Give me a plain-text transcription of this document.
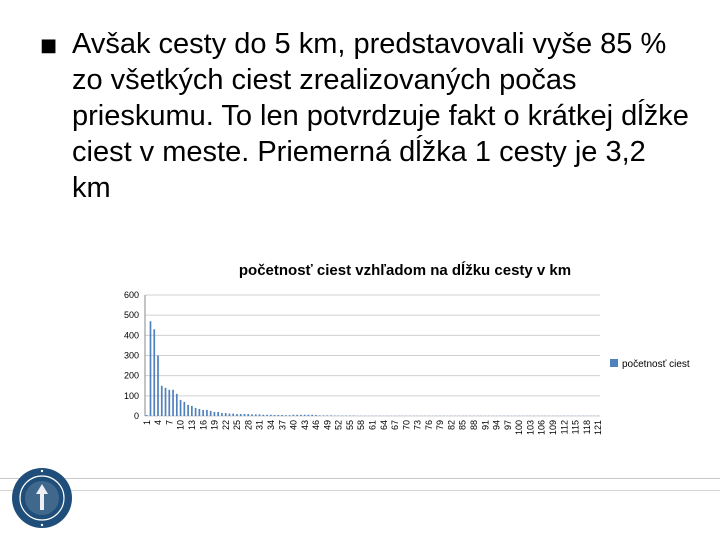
■ Avšak cesty do 5 km, predstavovali vyše 85 % zo všetkých ciest zrealizovaných počas prieskumu. To len potvrdzuje fakt o krátkej dĺžke ciest v meste. Priemerná dĺžka 1 cesty je 3,2 km
početnosť ciest vzhľadom na dĺžku cesty v km
0
100
200
300
400
500
600
1 4 7 10 13 16 19 22 25 28 31 34 37 40 43 46 49 52 55 58 61 64 67 70 73 76 79 82 85 88 91 94 97 100 103 106 109 112 115 118 121
početnosť ciest
